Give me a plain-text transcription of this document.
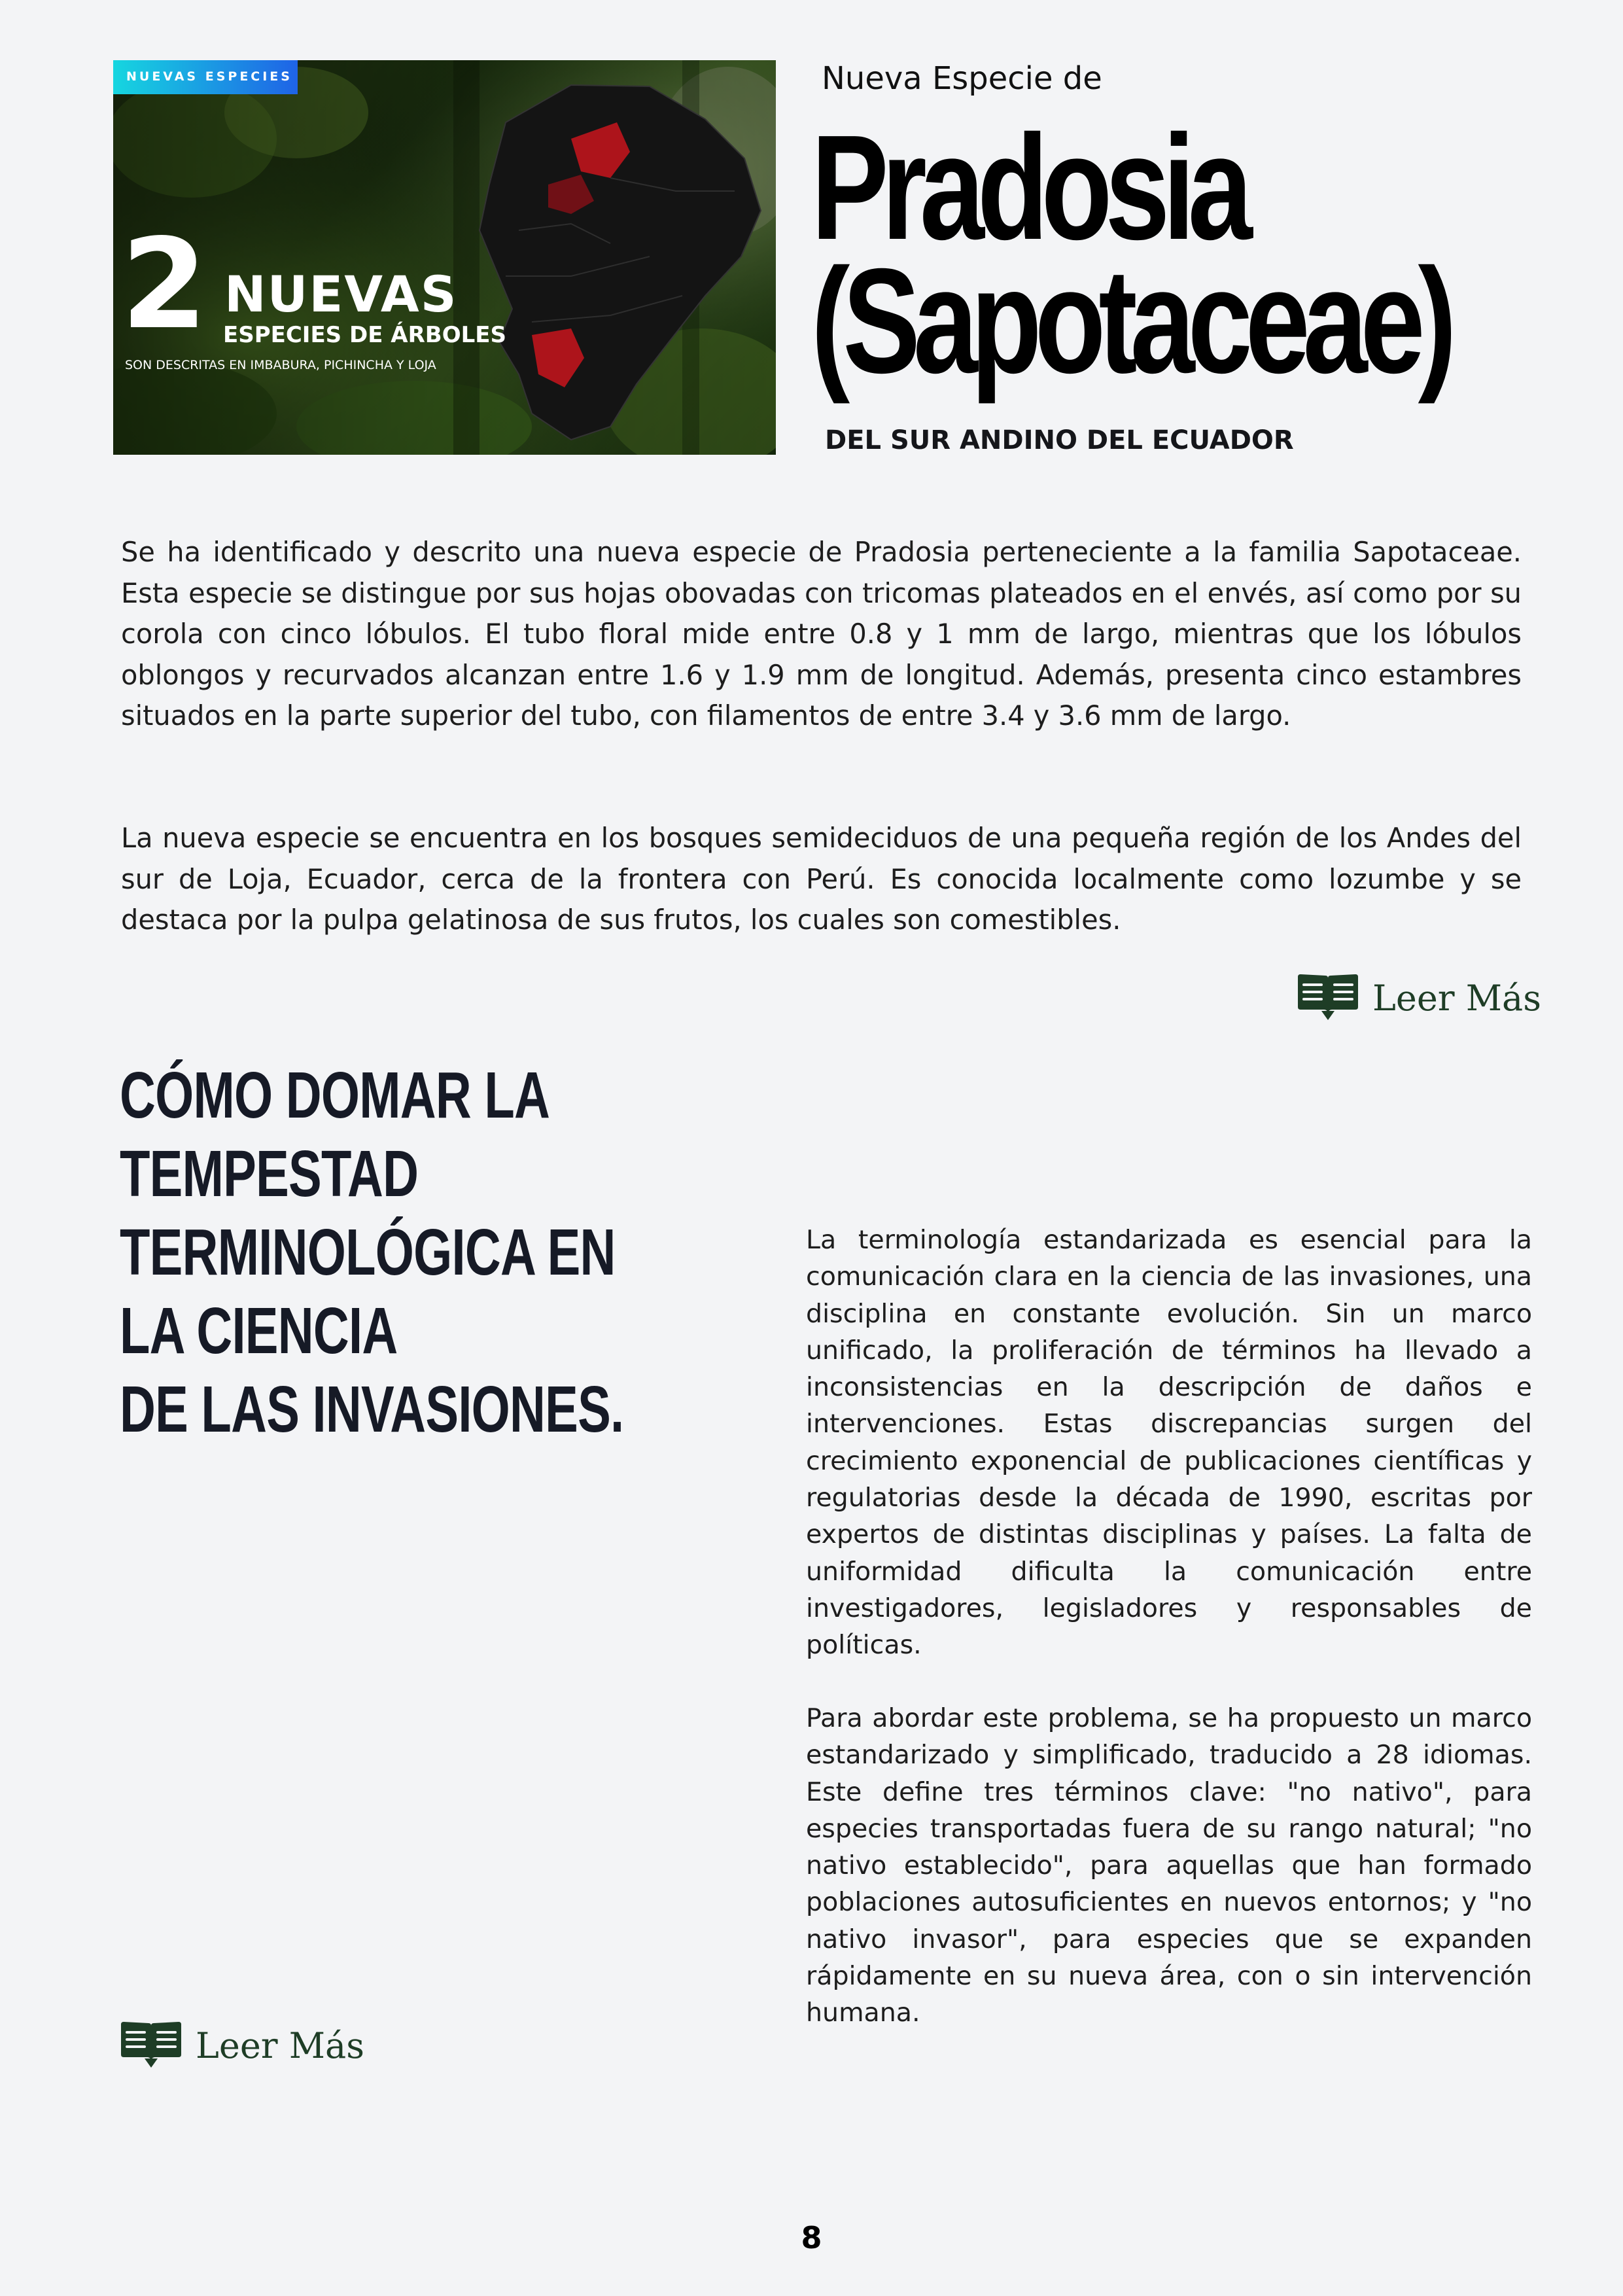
NUEVAS ESPECIES
2 NUEVAS
ESPECIES DE ÁRBOLES
SON DESCRITAS EN IMBABURA, PICHINCHA Y LOJA
Nueva Especie de
Pradosia
(Sapotaceae)
DEL SUR ANDINO DEL ECUADOR

Se ha identificado y descrito una nueva especie de Pradosia perteneciente a la familia Sapotaceae. Esta especie se distingue por sus hojas obovadas con tricomas plateados en el envés, así como por su corola con cinco lóbulos. El tubo floral mide entre 0.8 y 1 mm de largo, mientras que los lóbulos oblongos y recurvados alcanzan entre 1.6 y 1.9 mm de longitud. Además, presenta cinco estambres situados en la parte superior del tubo, con filamentos de entre 3.4 y 3.6 mm de largo.

La nueva especie se encuentra en los bosques semideciduos de una pequeña región de los Andes del sur de Loja, Ecuador, cerca de la frontera con Perú. Es conocida localmente como lozumbe y se destaca por la pulpa gelatinosa de sus frutos, los cuales son comestibles.

Leer Más
CÓMO DOMAR LA TEMPESTAD
TERMINOLÓGICA EN LA CIENCIA
DE LAS INVASIONES.

La terminología estandarizada es esencial para la comunicación clara en la ciencia de las invasiones, una disciplina en constante evolución. Sin un marco unificado, la proliferación de términos ha llevado a inconsistencias en la descripción de daños e intervenciones. Estas discrepancias surgen del crecimiento exponencial de publicaciones científicas y regulatorias desde la década de 1990, escritas por expertos de distintas disciplinas y países. La falta de uniformidad dificulta la comunicación entre investigadores, legisladores y responsables de políticas.

Para abordar este problema, se ha propuesto un marco estandarizado y simplificado, traducido a 28 idiomas. Este define tres términos clave: "no nativo", para especies transportadas fuera de su rango natural; "no nativo establecido", para aquellas que han formado poblaciones autosuficientes en nuevos entornos; y "no nativo invasor", para especies que se expanden rápidamente en su nueva área, con o sin intervención humana.

Leer Más
8
